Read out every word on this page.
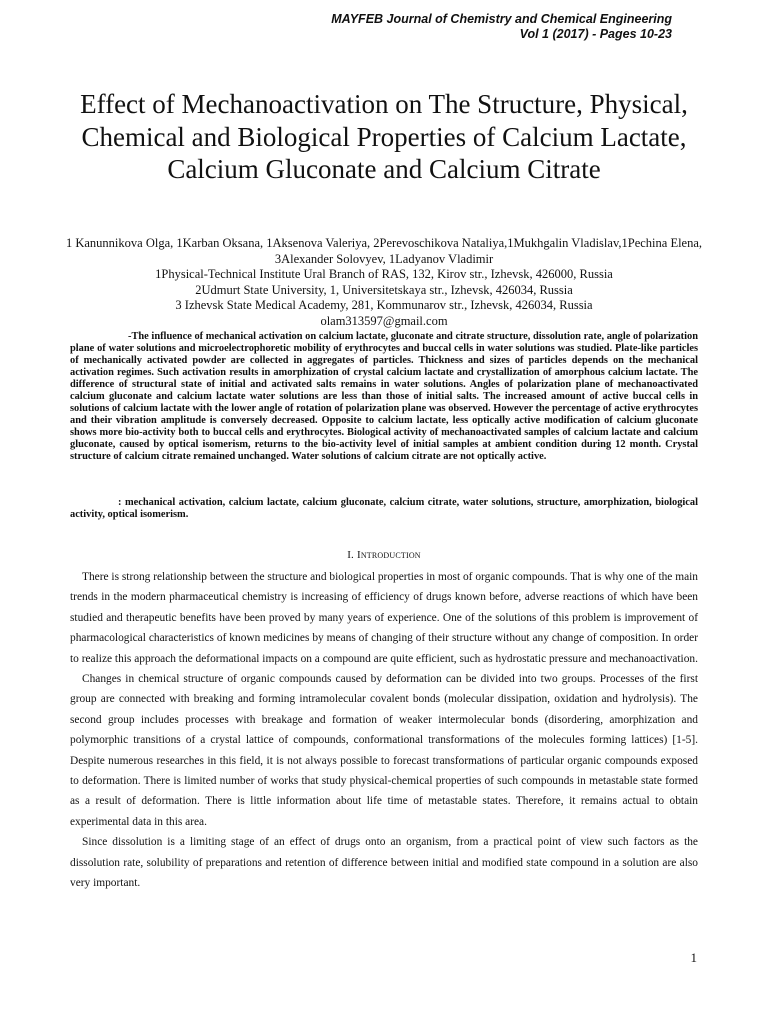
MAYFEB Journal of Chemistry and Chemical Engineering
Vol 1 (2017) - Pages 10-23
Effect of Mechanoactivation on The Structure, Physical, Chemical and Biological Properties of Calcium Lactate, Calcium Gluconate and Calcium Citrate
1 Kanunnikova Olga, 1Karban Oksana, 1Aksenova Valeriya, 2Perevoschikova Nataliya,1Mukhgalin Vladislav,1Pechina Elena, 3Alexander Solovyev, 1Ladyanov Vladimir
1Physical-Technical Institute Ural Branch of RAS, 132, Kirov str., Izhevsk, 426000, Russia
2Udmurt State University, 1, Universitetskaya str., Izhevsk, 426034, Russia
3 Izhevsk State Medical Academy, 281, Kommunarov str., Izhevsk, 426034, Russia
olam313597@gmail.com

-The influence of mechanical activation on calcium lactate, gluconate and citrate structure, dissolution rate, angle of polarization plane of water solutions and microelectrophoretic mobility of erythrocytes and buccal cells in water solutions was studied. Plate-like particles of mechanically activated powder are collected in aggregates of particles. Thickness and sizes of particles depends on the mechanical activation regimes. Such activation results in amorphization of crystal calcium lactate and crystallization of amorphous calcium lactate. The difference of structural state of initial and activated salts remains in water solutions. Angles of polarization plane of mechanoactivated calcium gluconate and calcium lactate water solutions are less than those of initial salts. The increased amount of active buccal cells in solutions of calcium lactate with the lower angle of rotation of polarization plane was observed. However the percentage of active erythrocytes and their vibration amplitude is conversely decreased. Opposite to calcium lactate, less optically active modification of calcium gluconate shows more bio-activity both to buccal cells and erythrocytes. Biological activity of mechanoactivated samples of calcium lactate and calcium gluconate, caused by optical isomerism, returns to the bio-activity level of initial samples at ambient condition during 12 month. Crystal structure of calcium citrate remained unchanged. Water solutions of calcium citrate are not optically active.

: mechanical activation, calcium lactate, calcium gluconate, calcium citrate, water solutions, structure, amorphization, biological activity, optical isomerism.

I. Introduction

There is strong relationship between the structure and biological properties in most of organic compounds. That is why one of the main trends in the modern pharmaceutical chemistry is increasing of efficiency of drugs known before, adverse reactions of which have been studied and therapeutic benefits have been proved by many years of experience. One of the solutions of this problem is improvement of pharmacological characteristics of known medicines by means of changing of their structure without any change of composition. In order to realize this approach the deformational impacts on a compound are quite efficient, such as hydrostatic pressure and mechanoactivation.

Changes in chemical structure of organic compounds caused by deformation can be divided into two groups. Processes of the first group are connected with breaking and forming intramolecular covalent bonds (molecular dissipation, oxidation and hydrolysis). The second group includes processes with breakage and formation of weaker intermolecular bonds (disordering, amorphization and polymorphic transitions of a crystal lattice of compounds, conformational transformations of the molecules forming lattices) [1-5]. Despite numerous researches in this field, it is not always possible to forecast transformations of particular organic compounds exposed to deformation. There is limited number of works that study physical-chemical properties of such compounds in metastable state formed as a result of deformation. There is little information about life time of metastable states. Therefore, it remains actual to obtain experimental data in this area.

Since dissolution is a limiting stage of an effect of drugs onto an organism, from a practical point of view such factors as the dissolution rate, solubility of preparations and retention of difference between initial and modified state compound in a solution are also very important.

1
